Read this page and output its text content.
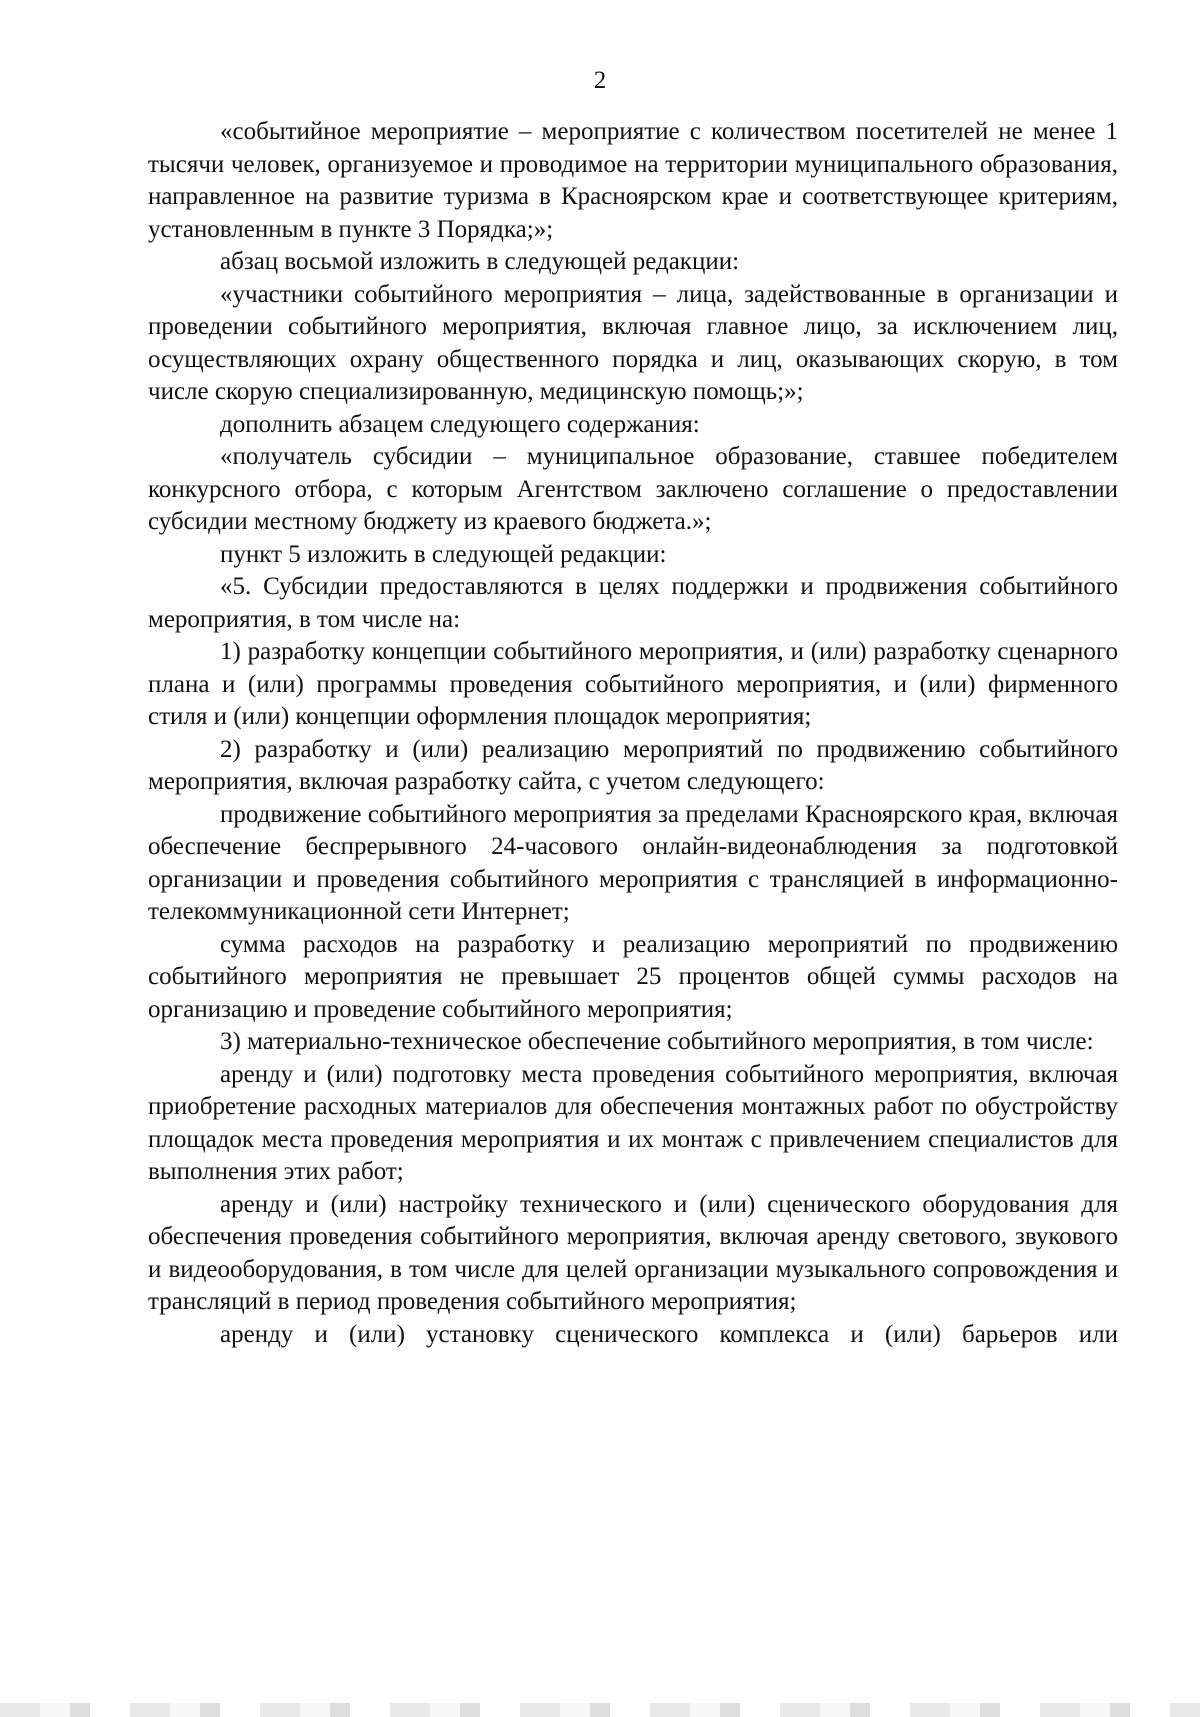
2

«событийное мероприятие – мероприятие с количеством посетителей не менее 1 тысячи человек, организуемое и проводимое на территории муниципального образования, направленное на развитие туризма в Красноярском крае и соответствующее критериям, установленным в пункте 3 Порядка;»;

абзац восьмой изложить в следующей редакции:

«участники событийного мероприятия – лица, задействованные в организации и проведении событийного мероприятия, включая главное лицо, за исключением лиц, осуществляющих охрану общественного порядка и лиц, оказывающих скорую, в том числе скорую специализированную, медицинскую помощь;»;

дополнить абзацем следующего содержания:

«получатель субсидии – муниципальное образование, ставшее победителем конкурсного отбора, с которым Агентством заключено соглашение о предоставлении субсидии местному бюджету из краевого бюджета.»;

пункт 5 изложить в следующей редакции:

«5. Субсидии предоставляются в целях поддержки и продвижения событийного мероприятия, в том числе на:

1) разработку концепции событийного мероприятия, и (или) разработку сценарного плана и (или) программы проведения событийного мероприятия, и (или) фирменного стиля и (или) концепции оформления площадок мероприятия;

2) разработку и (или) реализацию мероприятий по продвижению событийного мероприятия, включая разработку сайта, с учетом следующего:

продвижение событийного мероприятия за пределами Красноярского края, включая обеспечение беспрерывного 24-часового онлайн-видеонаблюдения за подготовкой организации и проведения событийного мероприятия с трансляцией в информационно-телекоммуникационной сети Интернет;

сумма расходов на разработку и реализацию мероприятий по продвижению событийного мероприятия не превышает 25 процентов общей суммы расходов на организацию и проведение событийного мероприятия;

3) материально-техническое обеспечение событийного мероприятия, в том числе:

аренду и (или) подготовку места проведения событийного мероприятия, включая приобретение расходных материалов для обеспечения монтажных работ по обустройству площадок места проведения мероприятия и их монтаж с привлечением специалистов для выполнения этих работ;

аренду и (или) настройку технического и (или) сценического оборудования для обеспечения проведения событийного мероприятия, включая аренду светового, звукового и видеооборудования, в том числе для целей организации музыкального сопровождения и трансляций в период проведения событийного мероприятия;

аренду и (или) установку сценического комплекса и (или) барьеров или
